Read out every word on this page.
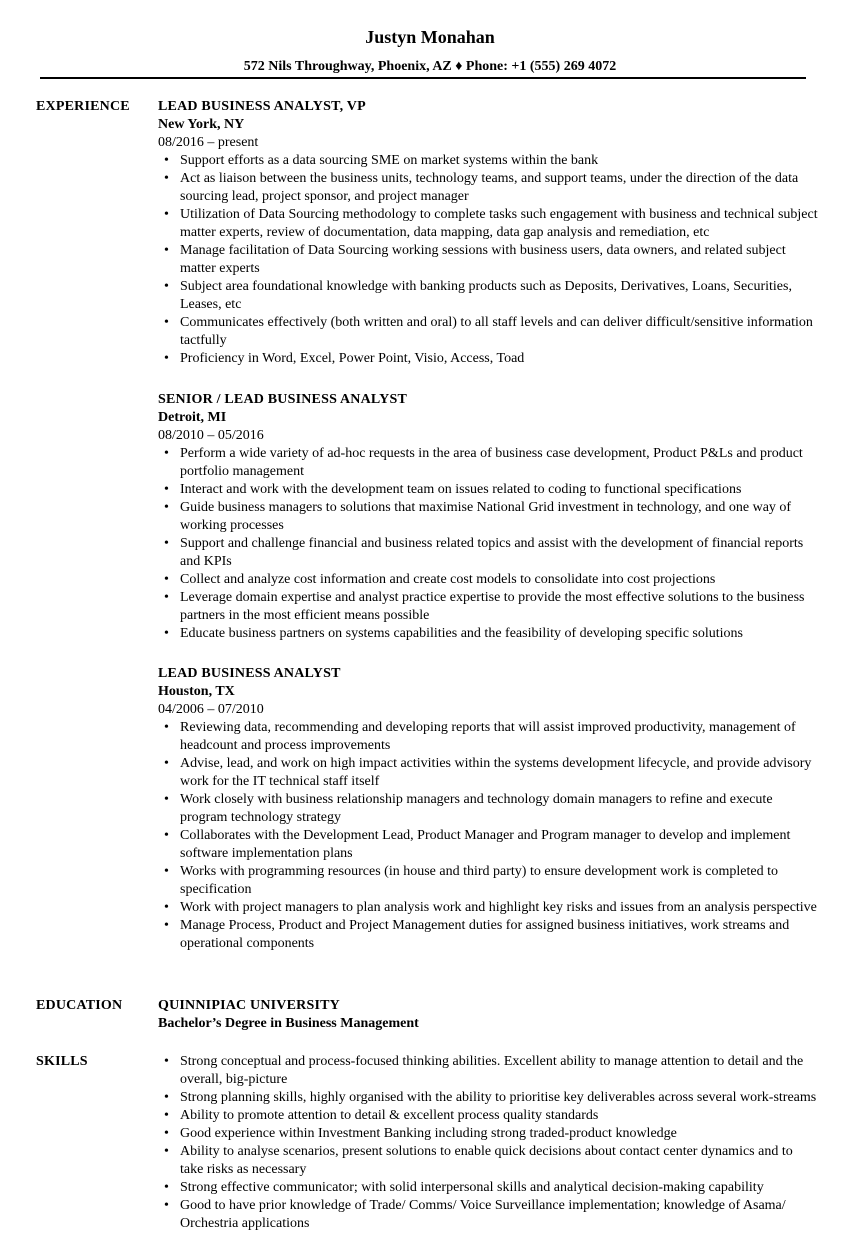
Justyn Monahan
572 Nils Throughway, Phoenix, AZ ♦ Phone: +1 (555) 269 4072
EXPERIENCE	LEAD BUSINESS ANALYST, VP
New York, NY
08/2016 – present
• Support efforts as a data sourcing SME on market systems within the bank
• Act as liaison between the business units, technology teams, and support teams, under the direction of the data sourcing lead, project sponsor, and project manager
• Utilization of Data Sourcing methodology to complete tasks such engagement with business and technical subject matter experts, review of documentation, data mapping, data gap analysis and remediation, etc
• Manage facilitation of Data Sourcing working sessions with business users, data owners, and related subject matter experts
• Subject area foundational knowledge with banking products such as Deposits, Derivatives, Loans, Securities, Leases, etc
• Communicates effectively (both written and oral) to all staff levels and can deliver difficult/sensitive information tactfully
• Proficiency in Word, Excel, Power Point, Visio, Access, Toad
SENIOR / LEAD BUSINESS ANALYST
Detroit, MI
08/2010 – 05/2016
• Perform a wide variety of ad-hoc requests in the area of business case development, Product P&Ls and product portfolio management
• Interact and work with the development team on issues related to coding to functional specifications
• Guide business managers to solutions that maximise National Grid investment in technology, and one way of working processes
• Support and challenge financial and business related topics and assist with the development of financial reports and KPIs
• Collect and analyze cost information and create cost models to consolidate into cost projections
• Leverage domain expertise and analyst practice expertise to provide the most effective solutions to the business partners in the most efficient means possible
• Educate business partners on systems capabilities and the feasibility of developing specific solutions
LEAD BUSINESS ANALYST
Houston, TX
04/2006 – 07/2010
• Reviewing data, recommending and developing reports that will assist improved productivity, management of headcount and process improvements
• Advise, lead, and work on high impact activities within the systems development lifecycle, and provide advisory work for the IT technical staff itself
• Work closely with business relationship managers and technology domain managers to refine and execute program technology strategy
• Collaborates with the Development Lead, Product Manager and Program manager to develop and implement software implementation plans
• Works with programming resources (in house and third party) to ensure development work is completed to specification
• Work with project managers to plan analysis work and highlight key risks and issues from an analysis perspective
• Manage Process, Product and Project Management duties for assigned business initiatives, work streams and operational components
EDUCATION	QUINNIPIAC UNIVERSITY
Bachelor’s Degree in Business Management
SKILLS
•	Strong conceptual and process-focused thinking abilities. Excellent ability to manage attention to detail and the overall, big-picture
• Strong planning skills, highly organised with the ability to prioritise key deliverables across several work-streams
• Ability to promote attention to detail & excellent process quality standards
• Good experience within Investment Banking including strong traded-product knowledge
• Ability to analyse scenarios, present solutions to enable quick decisions about contact center dynamics and to take risks as necessary
• Strong effective communicator; with solid interpersonal skills and analytical decision-making capability
• Good to have prior knowledge of Trade/ Comms/ Voice Surveillance implementation; knowledge of Asama/ Orchestria applications
